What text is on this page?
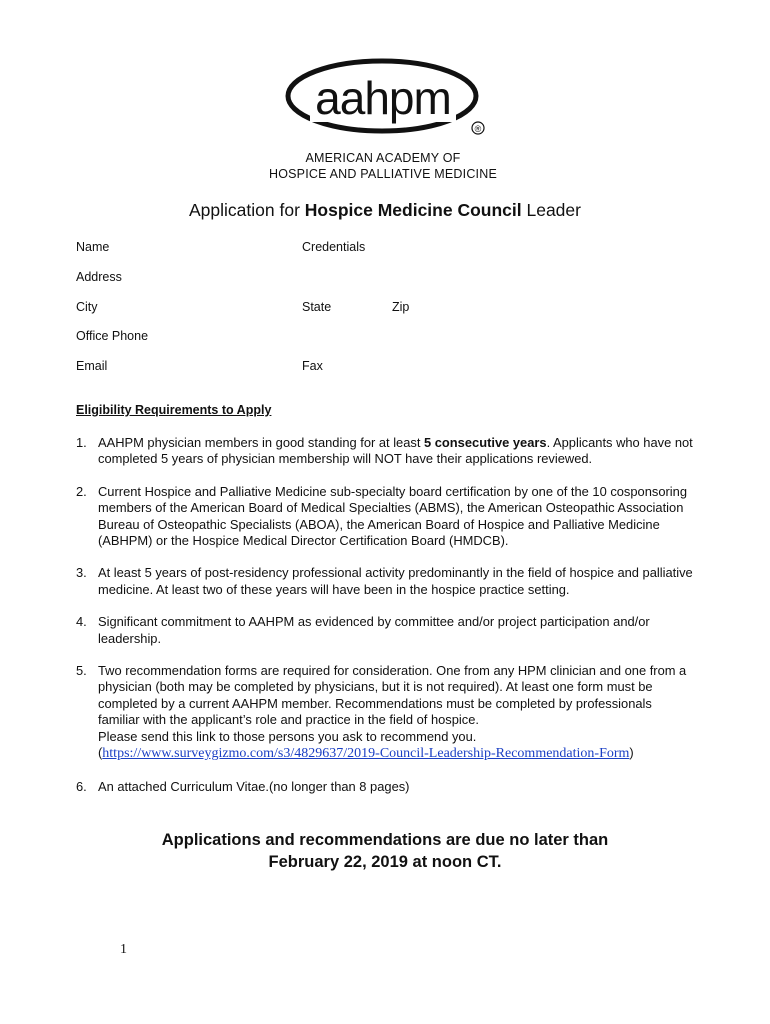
aahpm
®
AMERICAN ACADEMY OF
HOSPICE AND PALLIATIVE MEDICINE
Application for Hospice Medicine Council Leader
Name	Credentials
Address
City	State	Zip
Office Phone
Email	Fax
Eligibility Requirements to Apply
1. AAHPM physician members in good standing for at least 5 consecutive years. Applicants who have not completed 5 years of physician membership will NOT have their applications reviewed.
2. Current Hospice and Palliative Medicine sub-specialty board certification by one of the 10 cosponsoring members of the American Board of Medical Specialties (ABMS), the American Osteopathic Association Bureau of Osteopathic Specialists (ABOA), the American Board of Hospice and Palliative Medicine (ABHPM) or the Hospice Medical Director Certification Board (HMDCB).
3. At least 5 years of post-residency professional activity predominantly in the field of hospice and palliative medicine. At least two of these years will have been in the hospice practice setting.
4. Significant commitment to AAHPM as evidenced by committee and/or project participation and/or leadership.
5. Two recommendation forms are required for consideration. One from any HPM clinician and one from a physician (both may be completed by physicians, but it is not required). At least one form must be completed by a current AAHPM member. Recommendations must be completed by professionals familiar with the applicant’s role and practice in the field of hospice.
Please send this link to those persons you ask to recommend you.
(https://www.surveygizmo.com/s3/4829637/2019-Council-Leadership-Recommendation-Form)
6. An attached Curriculum Vitae.(no longer than 8 pages)
Applications and recommendations are due no later than
February 22, 2019 at noon CT.
1
